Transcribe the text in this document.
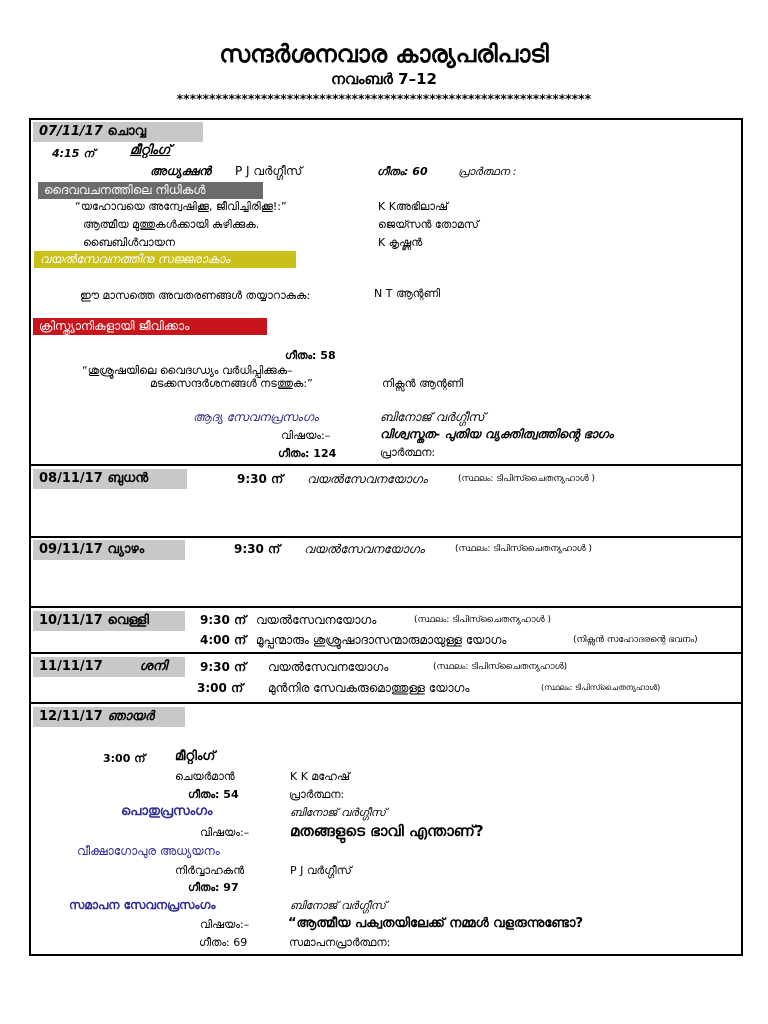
സന്ദർശനവാര കാര്യപരിപാടി
നവംബർ 7–12
****************************************************************
07/11/17 ചൊവ്വ
4:15 ന്	മീറ്റിംഗ്
അധ്യക്ഷൻ P J വർഗ്ഗീസ്	ഗീതം: 60	പ്രാർത്ഥന :
ദൈവവചനത്തിലെ നിധികൾ
“യഹോവയെ അന്വേഷിക്കൂ, ജീവിച്ചിരിക്കൂ!:”	K Kഅഭിലാഷ്
ആത്മീയ മുത്തുകൾക്കായി കുഴിക്കുക.	ജെയ്സൻ തോമസ്
ബൈബിൾവായന	K കൃഷ്ണൻ
വയൽസേവനത്തിനു സജ്ജരാകാം
ഈ മാസത്തെ അവതരണങ്ങൾ തയ്യാറാകുക:	N T ആന്റണി
ക്രിസ്ത്യാനികളായി ജീവിക്കാം
ഗീതം: 58
“ശുശ്രൂഷയിലെ വൈദഗ്ധ്യം വർധിപ്പിക്കുക–
മടക്കസന്ദർശനങ്ങൾ നടത്തുക:”	നിക്സൻ ആന്റണി
ആദ്യ സേവനപ്രസംഗം	ബിനോജ് വർഗ്ഗീസ്
വിഷയം:–	വിശ്വസ്തത- പുതിയ വ്യക്തിത്വത്തിന്റെ ഭാഗം
ഗീതം: 124	പ്രാർത്ഥന:
08/11/17 ബുധൻ	9:30 ന് വയൽസേവനയോഗം	(സ്ഥലം: ടിപിസ്ചൈതന്യഹാൾ )
09/11/17 വ്യാഴം	9:30 ന് വയൽസേവനയോഗം	(സ്ഥലം: ടിപിസ്ചൈതന്യഹാൾ )
10/11/17 വെള്ളി	9:30 ന് വയൽസേവനയോഗം	(സ്ഥലം: ടിപിസ്ചൈതന്യഹാൾ )
4:00 ന് മൂപ്പന്മാരും ശുശ്രൂഷാദാസന്മാരുമായുള്ള യോഗം	(നിക്സൻ സഹോദരന്റെ ഭവനം)
11/11/17	ശനി	9:30 ന് വയൽസേവനയോഗം	(സ്ഥലം: ടിപിസ്ചൈതന്യഹാൾ)
3:00 ന് മുൻനിര സേവകരുമൊത്തുള്ള യോഗം	(സ്ഥലം: ടിപിസ്ചൈതന്യഹാൾ)
12/11/17 ഞായർ
3:00 ന് മീറ്റിംഗ്
ചെയർമാൻ	K K മഹേഷ്
ഗീതം: 54	പ്രാർത്ഥന:
പൊതുപ്രസംഗം	ബിനോജ് വർഗ്ഗീസ്
വിഷയം:–	മതങ്ങളുടെ ഭാവി എന്താണ്?
വീക്ഷാഗോപുര അധ്യയനം
നിർവ്വാഹകൻ	P J വർഗ്ഗീസ്
ഗീതം: 97
സമാപന സേവനപ്രസംഗം	ബിനോജ് വർഗ്ഗീസ്
വിഷയം:–	“ആത്മീയ പക്വതയിലേക്ക് നമ്മൾ വളരുന്നുണ്ടോ?
ഗീതം: 69	സമാപനപ്രാർത്ഥന:
